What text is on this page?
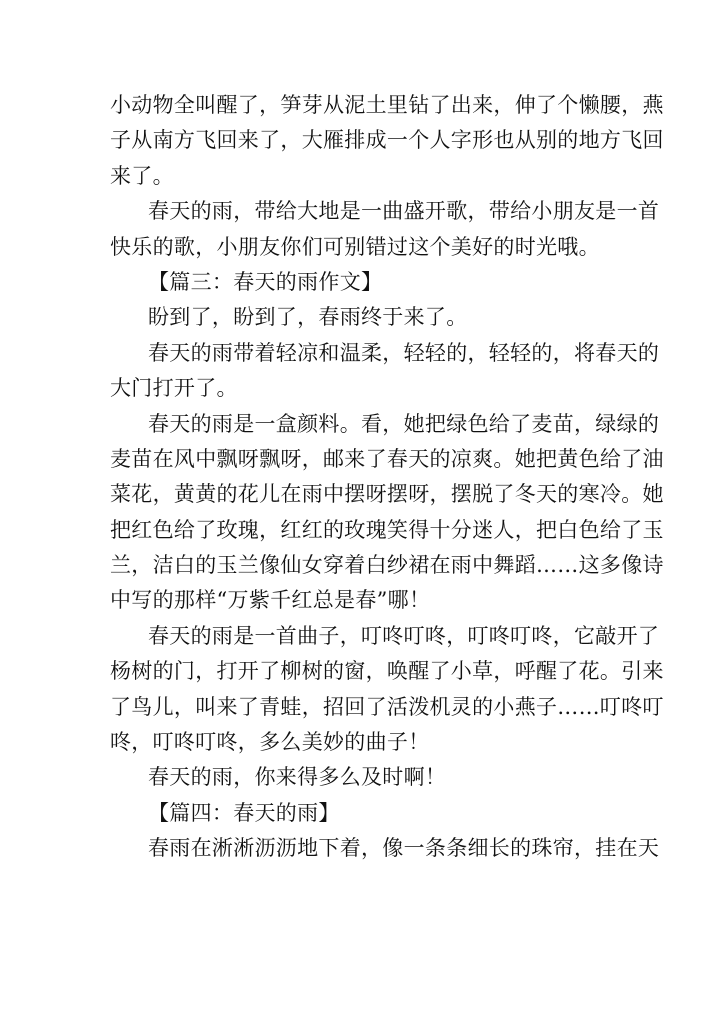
小动物全叫醒了，笋芽从泥土里钻了出来，伸了个懒腰，燕
子从南方飞回来了，大雁排成一个人字形也从别的地方飞回
来了。
春天的雨，带给大地是一曲盛开歌，带给小朋友是一首
快乐的歌，小朋友你们可别错过这个美好的时光哦。
【篇三：春天的雨作文】
盼到了，盼到了，春雨终于来了。
春天的雨带着轻凉和温柔，轻轻的，轻轻的，将春天的
大门打开了。
春天的雨是一盒颜料。看，她把绿色给了麦苗，绿绿的
麦苗在风中飘呀飘呀，邮来了春天的凉爽。她把黄色给了油
菜花，黄黄的花儿在雨中摆呀摆呀，摆脱了冬天的寒冷。她
把红色给了玫瑰，红红的玫瑰笑得十分迷人，把白色给了玉
兰，洁白的玉兰像仙女穿着白纱裙在雨中舞蹈……这多像诗
中写的那样“万紫千红总是春”哪！
春天的雨是一首曲子，叮咚叮咚，叮咚叮咚，它敲开了
杨树的门，打开了柳树的窗，唤醒了小草，呼醒了花。引来
了鸟儿，叫来了青蛙，招回了活泼机灵的小燕子……叮咚叮
咚，叮咚叮咚，多么美妙的曲子！
春天的雨，你来得多么及时啊！
【篇四：春天的雨】
春雨在淅淅沥沥地下着，像一条条细长的珠帘，挂在天
